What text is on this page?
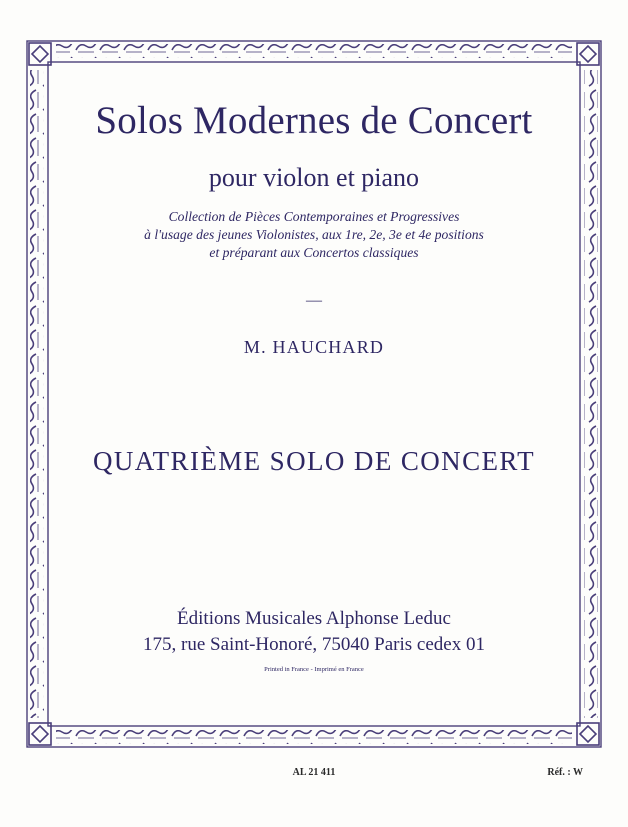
Solos Modernes de Concert
pour violon et piano
Collection de Pièces Contemporaines et Progressives
à l'usage des jeunes Violonistes, aux 1re, 2e, 3e et 4e positions
et préparant aux Concertos classiques
—
M. HAUCHARD
QUATRIÈME SOLO DE CONCERT
Éditions Musicales Alphonse Leduc
175, rue Saint-Honoré, 75040 Paris cedex 01
Printed in France - Imprimé en France
AL 21 411	Réf. : W
